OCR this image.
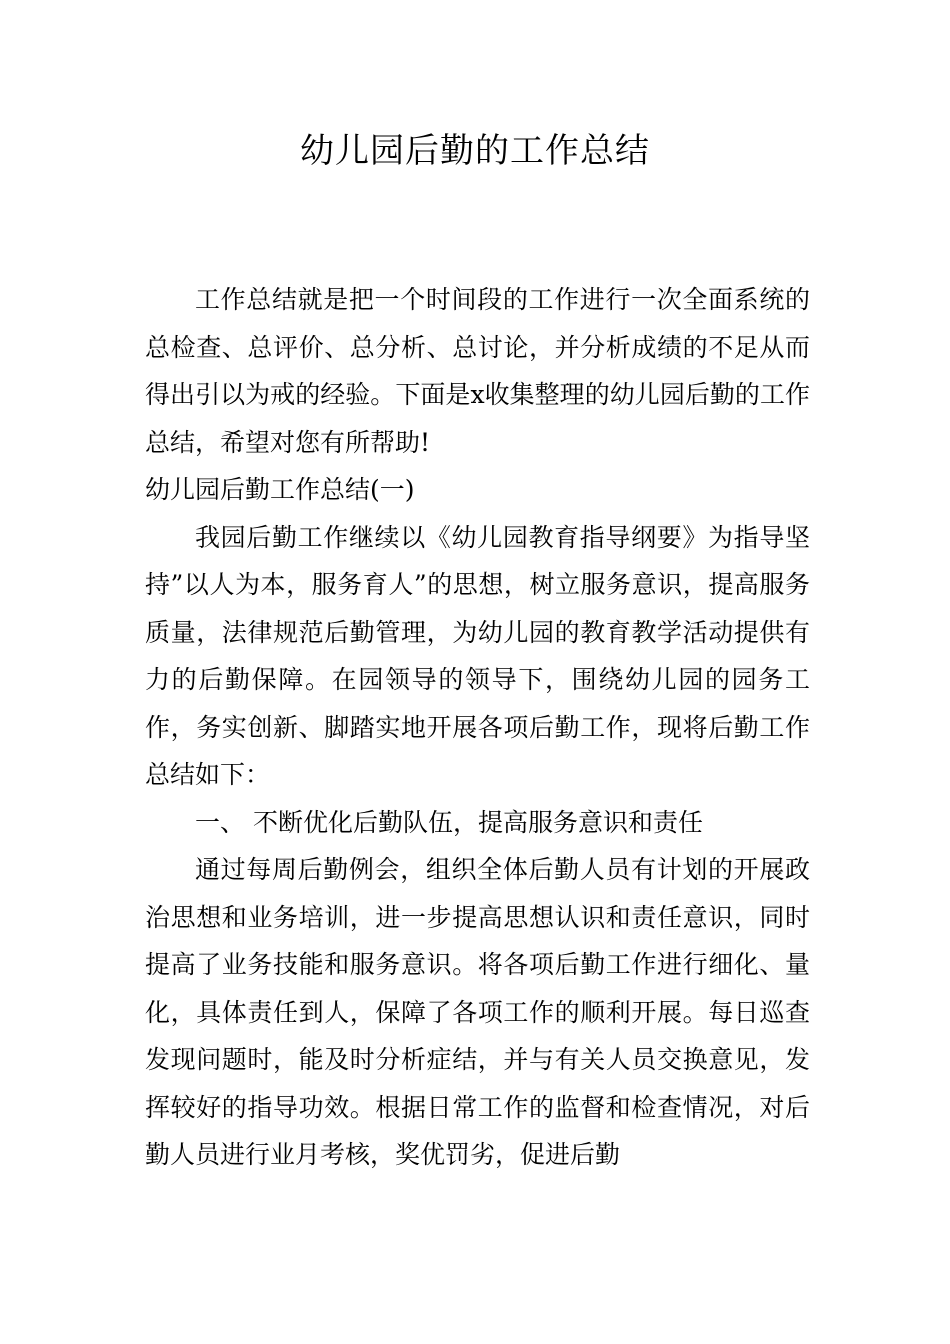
幼儿园后勤的工作总结

工作总结就是把一个时间段的工作进行一次全面系统的总检查、总评价、总分析、总讨论，并分析成绩的不足从而得出引以为戒的经验。下面是x收集整理的幼儿园后勤的工作总结，希望对您有所帮助!

幼儿园后勤工作总结(一)

我园后勤工作继续以《幼儿园教育指导纲要》为指导坚持”以人为本，服务育人”的思想，树立服务意识，提高服务质量，法律规范后勤管理，为幼儿园的教育教学活动提供有力的后勤保障。在园领导的领导下，围绕幼儿园的园务工作，务实创新、脚踏实地开展各项后勤工作，现将后勤工作总结如下：

一、 不断优化后勤队伍，提高服务意识和责任

通过每周后勤例会，组织全体后勤人员有计划的开展政治思想和业务培训，进一步提高思想认识和责任意识，同时提高了业务技能和服务意识。将各项后勤工作进行细化、量化，具体责任到人，保障了各项工作的顺利开展。每日巡查发现问题时，能及时分析症结，并与有关人员交换意见，发挥较好的指导功效。根据日常工作的监督和检查情况，对后勤人员进行业月考核，奖优罚劣，促进后勤
